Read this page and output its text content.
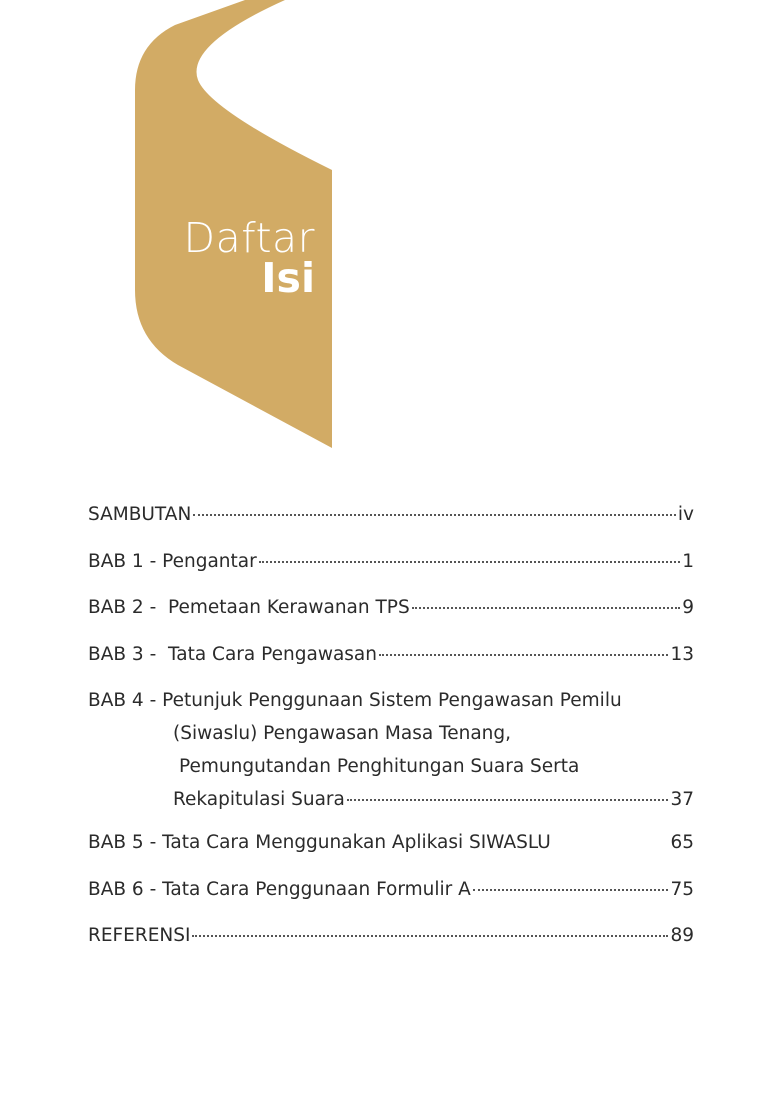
Daftar
Isi
SAMBUTAN	iv
BAB 1 - Pengantar	1
BAB 2 -  Pemetaan Kerawanan TPS	9
BAB 3 -  Tata Cara Pengawasan	13
BAB 4 - Petunjuk Penggunaan Sistem Pengawasan Pemilu
(Siwaslu) Pengawasan Masa Tenang,
Pemungutandan Penghitungan Suara Serta
Rekapitulasi Suara	37
BAB 5 - Tata Cara Menggunakan Aplikasi SIWASLU	65
BAB 6 - Tata Cara Penggunaan Formulir A	75
REFERENSI	89
